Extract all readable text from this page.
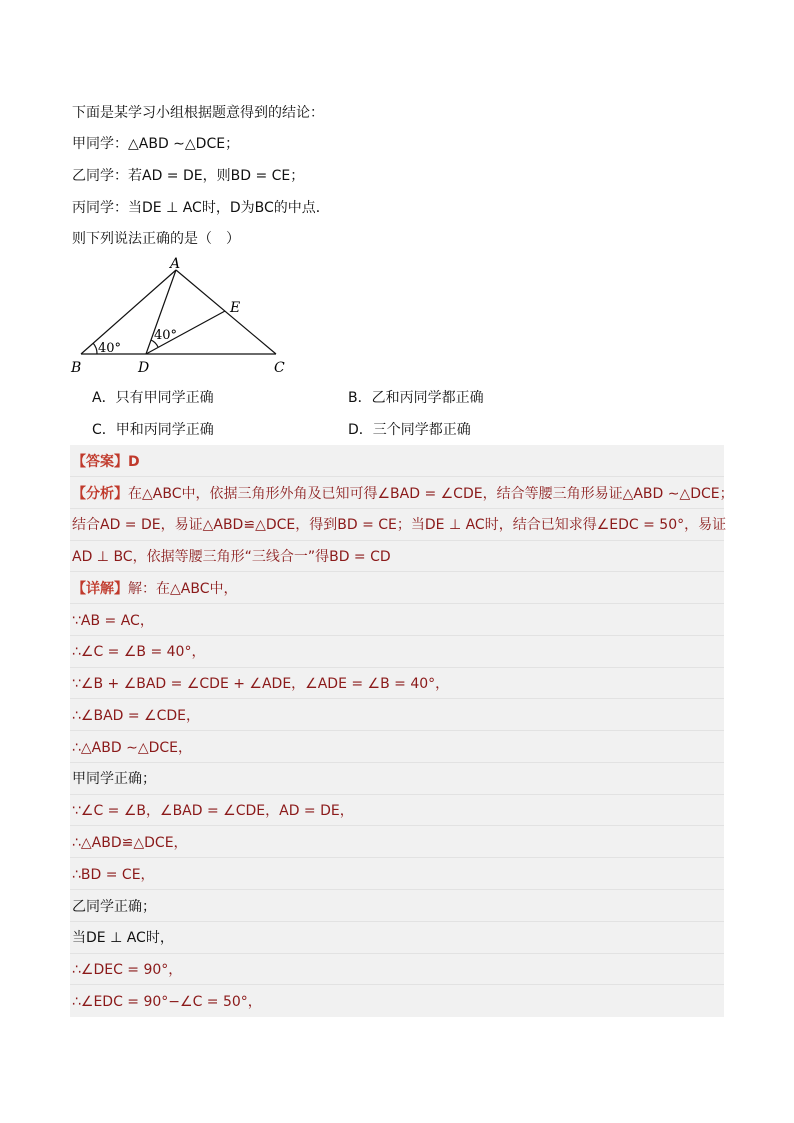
下面是某学习小组根据题意得到的结论：
甲同学：△ABD ∼△DCE；
乙同学：若AD = DE，则BD = CE；
丙同学：当DE ⊥ AC时，D为BC的中点．
则下列说法正确的是（　）
A
B	C
D
E
40°
40°
A．只有甲同学正确	B．乙和丙同学都正确
C．甲和丙同学正确	D．三个同学都正确
【答案】D
【分析】在△ABC中，依据三角形外角及已知可得∠BAD = ∠CDE，结合等腰三角形易证△ABD ∼△DCE；
结合AD = DE，易证△ABD≌△DCE，得到BD = CE；当DE ⊥ AC时，结合已知求得∠EDC = 50°，易证
AD ⊥ BC，依据等腰三角形“三线合一”得BD = CD
【详解】解：在△ABC中，
∵AB = AC，
∴∠C = ∠B = 40°，
∵∠B + ∠BAD = ∠CDE + ∠ADE，∠ADE = ∠B = 40°，
∴∠BAD = ∠CDE，
∴△ABD ∼△DCE，
甲同学正确；
∵∠C = ∠B，∠BAD = ∠CDE，AD = DE，
∴△ABD≌△DCE，
∴BD = CE，
乙同学正确；
当DE ⊥ AC时，
∴∠DEC = 90°，
∴∠EDC = 90°−∠C = 50°，
